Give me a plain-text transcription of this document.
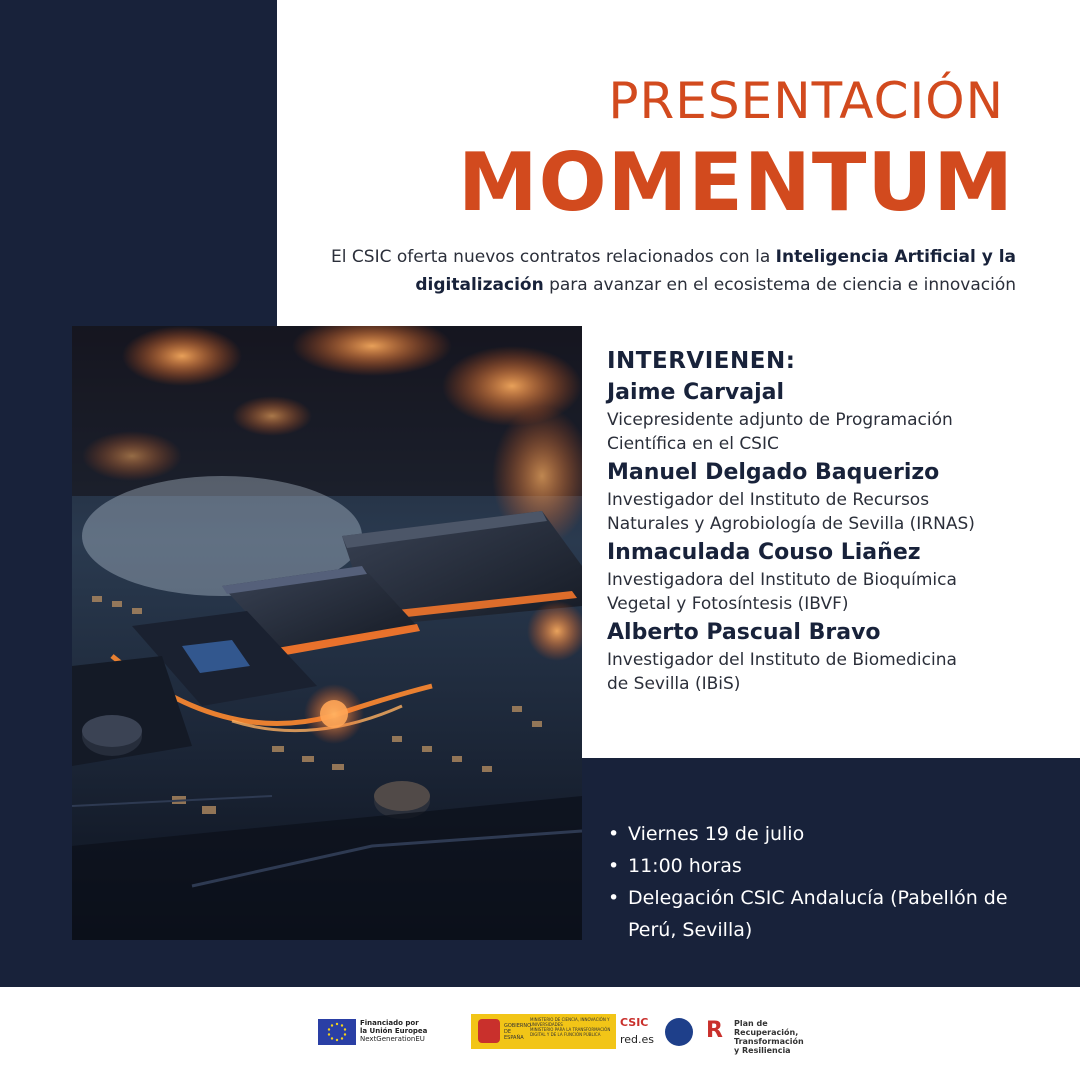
PRESENTACIÓN
MOMENTUM
El CSIC oferta nuevos contratos relacionados con la Inteligencia Artificial y la digitalización para avanzar en el ecosistema de ciencia e innovación
INTERVIENEN:
Jaime Carvajal
Vicepresidente adjunto de Programación
Científica en el CSIC
Manuel Delgado Baquerizo
Investigador del Instituto de Recursos
Naturales y Agrobiología de Sevilla (IRNAS)
Inmaculada Couso Liañez
Investigadora del Instituto de Bioquímica
Vegetal y Fotosíntesis (IBVF)
Alberto Pascual Bravo
Investigador del Instituto de Biomedicina
de Sevilla (IBiS)
• Viernes 19 de julio
• 11:00 horas
• Delegación CSIC Andalucía (Pabellón de
Perú, Sevilla)
Financiado por
la Unión Europea
NextGenerationEU
GOBIERNO DE ESPAÑA
MINISTERIO DE CIENCIA, INNOVACIÓN Y UNIVERSIDADES
MINISTERIO PARA LA TRANSFORMACIÓN DIGITAL Y DE LA FUNCIÓN PÚBLICA
CSIC
red.es R Plan de Recuperación,
Transformación
y Resiliencia
